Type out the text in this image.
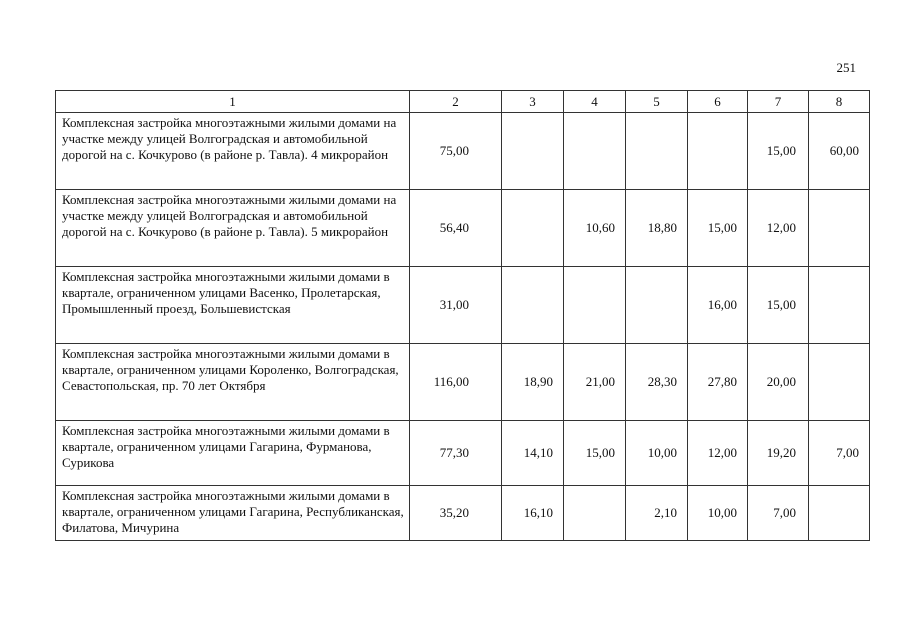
251
1	2	3	4	5	6	7	8
Комплексная застройка многоэтажными жилыми домами на участке между улицей Волгоградская и автомобильной дорогой на с. Кочкурово (в районе р. Тавла). 4 микрорайон	75,00					15,00	60,00
Комплексная застройка многоэтажными жилыми домами на участке между улицей Волгоградская и автомобильной дорогой на с. Кочкурово (в районе р. Тавла). 5 микрорайон	56,40		10,60	18,80	15,00	12,00	
Комплексная застройка многоэтажными жилыми домами в квартале, ограниченном улицами Васенко, Пролетарская, Промышленный проезд, Большевистская	31,00				16,00	15,00	
Комплексная застройка многоэтажными жилыми домами в квартале, ограниченном улицами Короленко, Волгоградская, Севастопольская, пр. 70 лет Октября	116,00	18,90	21,00	28,30	27,80	20,00	
Комплексная застройка многоэтажными жилыми домами в квартале, ограниченном улицами Гагарина, Фурманова, Сурикова	77,30	14,10	15,00	10,00	12,00	19,20	7,00
Комплексная застройка многоэтажными жилыми домами в квартале, ограниченном улицами Гагарина, Республиканская, Филатова, Мичурина	35,20	16,10		2,10	10,00	7,00	
